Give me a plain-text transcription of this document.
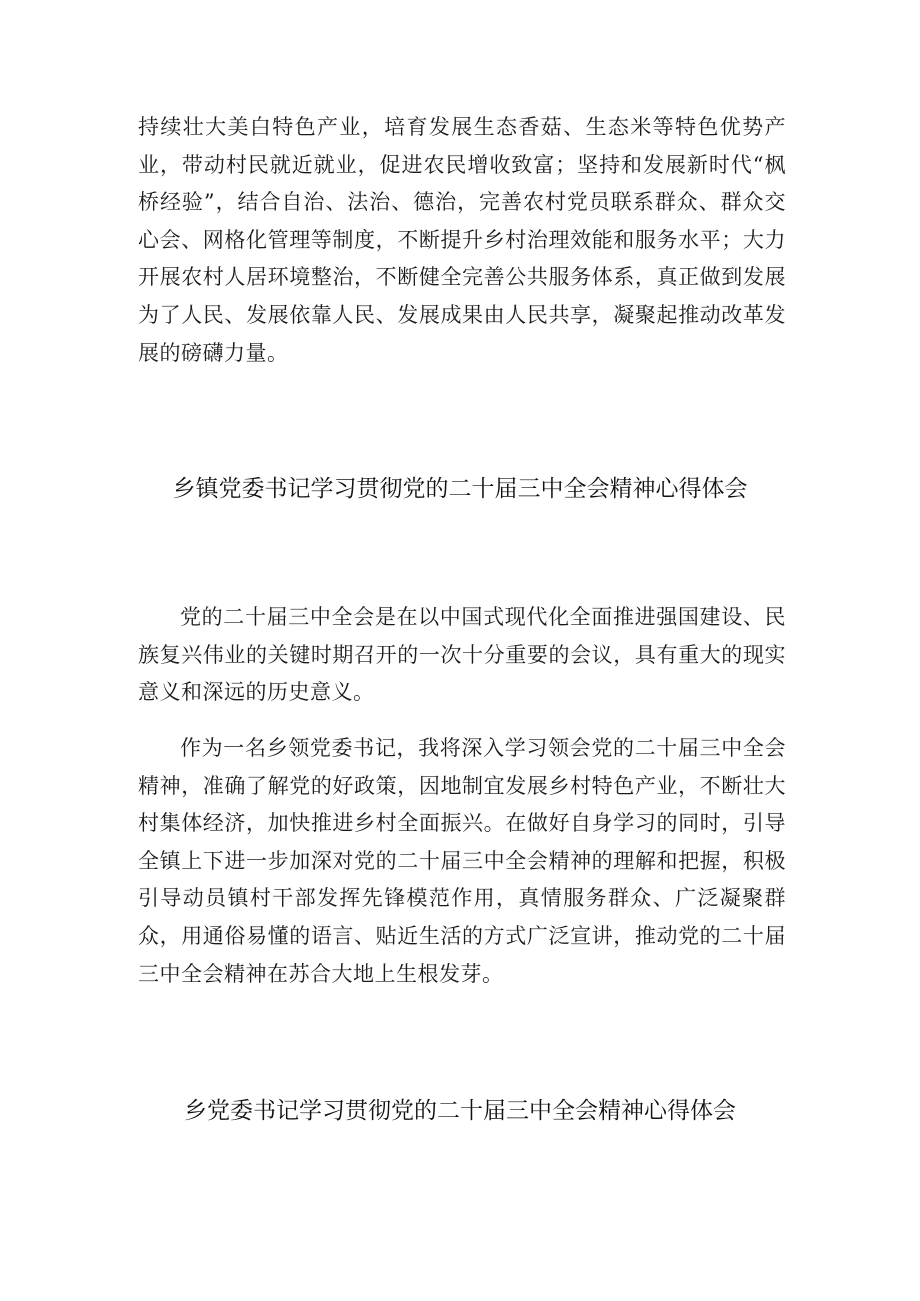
持续壮大美白特色产业，培育发展生态香菇、生态米等特色优势产业，带动村民就近就业，促进农民增收致富；坚持和发展新时代“枫桥经验”，结合自治、法治、德治，完善农村党员联系群众、群众交心会、网格化管理等制度，不断提升乡村治理效能和服务水平；大力开展农村人居环境整治，不断健全完善公共服务体系，真正做到发展为了人民、发展依靠人民、发展成果由人民共享，凝聚起推动改革发展的磅礴力量。

乡镇党委书记学习贯彻党的二十届三中全会精神心得体会

党的二十届三中全会是在以中国式现代化全面推进强国建设、民族复兴伟业的关键时期召开的一次十分重要的会议，具有重大的现实意义和深远的历史意义。

作为一名乡领党委书记，我将深入学习领会党的二十届三中全会精神，准确了解党的好政策，因地制宜发展乡村特色产业，不断壮大村集体经济，加快推进乡村全面振兴。在做好自身学习的同时，引导全镇上下进一步加深对党的二十届三中全会精神的理解和把握，积极引导动员镇村干部发挥先锋模范作用，真情服务群众、广泛凝聚群众，用通俗易懂的语言、贴近生活的方式广泛宣讲，推动党的二十届三中全会精神在苏合大地上生根发芽。

乡党委书记学习贯彻党的二十届三中全会精神心得体会
